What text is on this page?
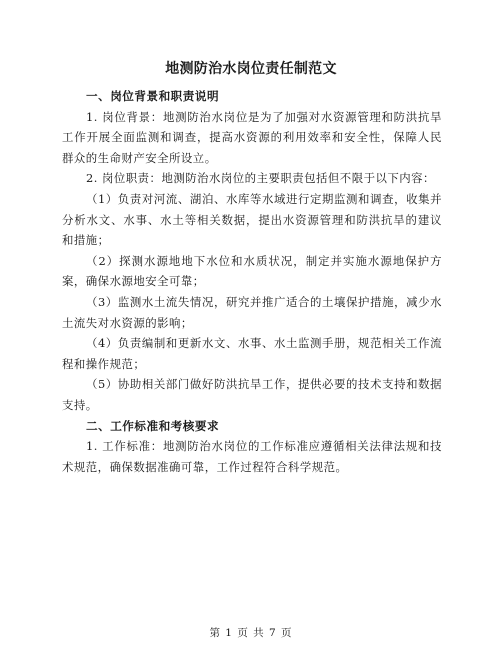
地测防治水岗位责任制范文

一、岗位背景和职责说明

1. 岗位背景：地测防治水岗位是为了加强对水资源管理和防洪抗旱工作开展全面监测和调查，提高水资源的利用效率和安全性，保障人民群众的生命财产安全所设立。

2. 岗位职责：地测防治水岗位的主要职责包括但不限于以下内容：

（1）负责对河流、湖泊、水库等水域进行定期监测和调查，收集并分析水文、水事、水土等相关数据，提出水资源管理和防洪抗旱的建议和措施；

（2）探测水源地地下水位和水质状况，制定并实施水源地保护方案，确保水源地安全可靠；

（3）监测水土流失情况，研究并推广适合的土壤保护措施，减少水土流失对水资源的影响；

（4）负责编制和更新水文、水事、水土监测手册，规范相关工作流程和操作规范；

（5）协助相关部门做好防洪抗旱工作，提供必要的技术支持和数据支持。

二、工作标准和考核要求

1. 工作标准：地测防治水岗位的工作标准应遵循相关法律法规和技术规范，确保数据准确可靠，工作过程符合科学规范。

第 1 页 共 7 页
